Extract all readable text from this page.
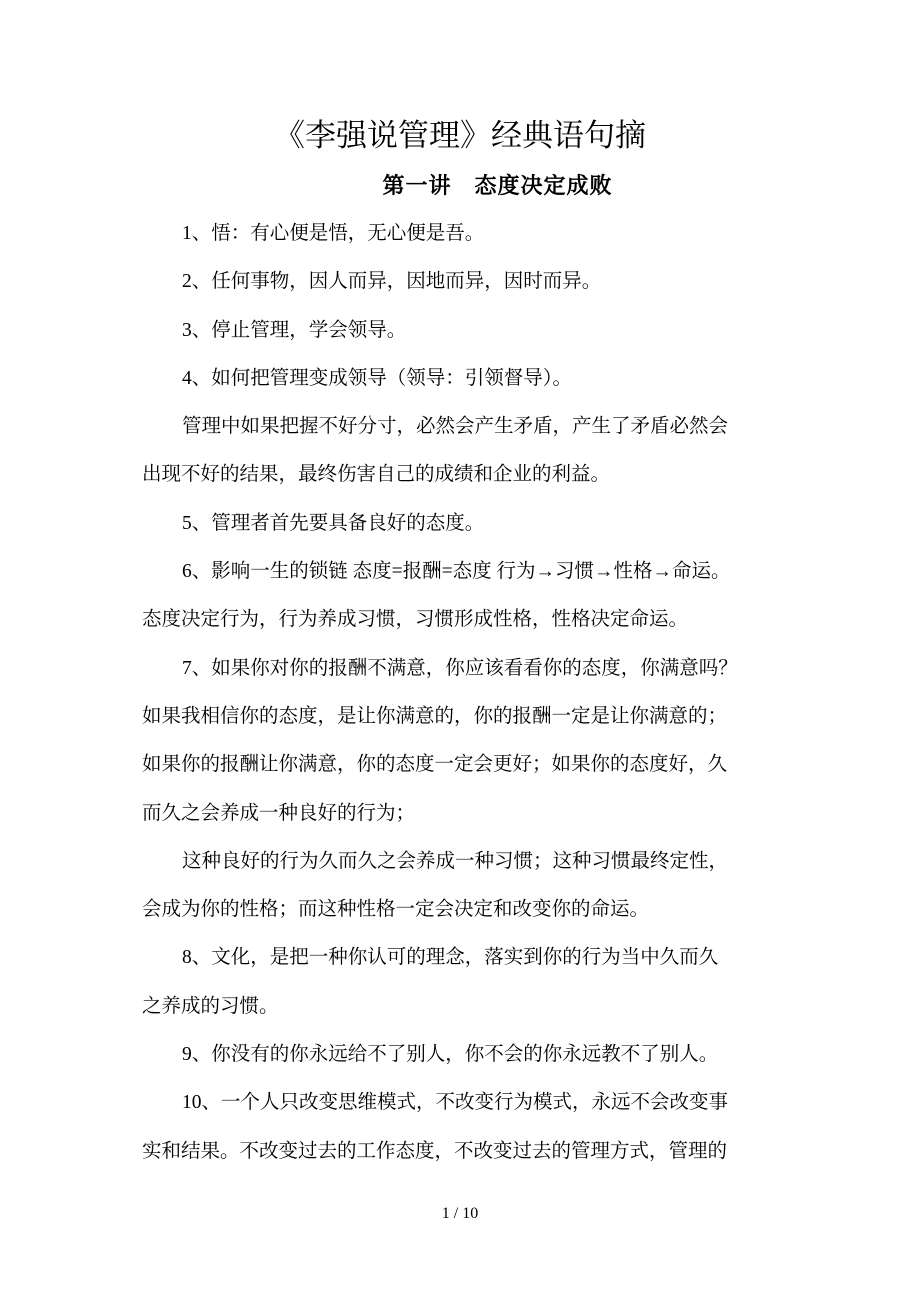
《李强说管理》经典语句摘
第一讲　态度决定成败
1、悟：有心便是悟，无心便是吾。
2、任何事物，因人而异，因地而异，因时而异。
3、停止管理，学会领导。
4、如何把管理变成领导（领导：引领督导）。
管理中如果把握不好分寸，必然会产生矛盾，产生了矛盾必然会
出现不好的结果，最终伤害自己的成绩和企业的利益。
5、管理者首先要具备良好的态度。
6、影响一生的锁链 态度=报酬=态度 行为→习惯→性格→命运。
态度决定行为，行为养成习惯，习惯形成性格，性格决定命运。
7、如果你对你的报酬不满意，你应该看看你的态度，你满意吗？
如果我相信你的态度，是让你满意的，你的报酬一定是让你满意的；
如果你的报酬让你满意，你的态度一定会更好；如果你的态度好，久
而久之会养成一种良好的行为；
这种良好的行为久而久之会养成一种习惯；这种习惯最终定性，
会成为你的性格；而这种性格一定会决定和改变你的命运。
8、文化，是把一种你认可的理念，落实到你的行为当中久而久
之养成的习惯。
9、你没有的你永远给不了别人，你不会的你永远教不了别人。
10、一个人只改变思维模式，不改变行为模式，永远不会改变事
实和结果。不改变过去的工作态度，不改变过去的管理方式，管理的
1 / 10
